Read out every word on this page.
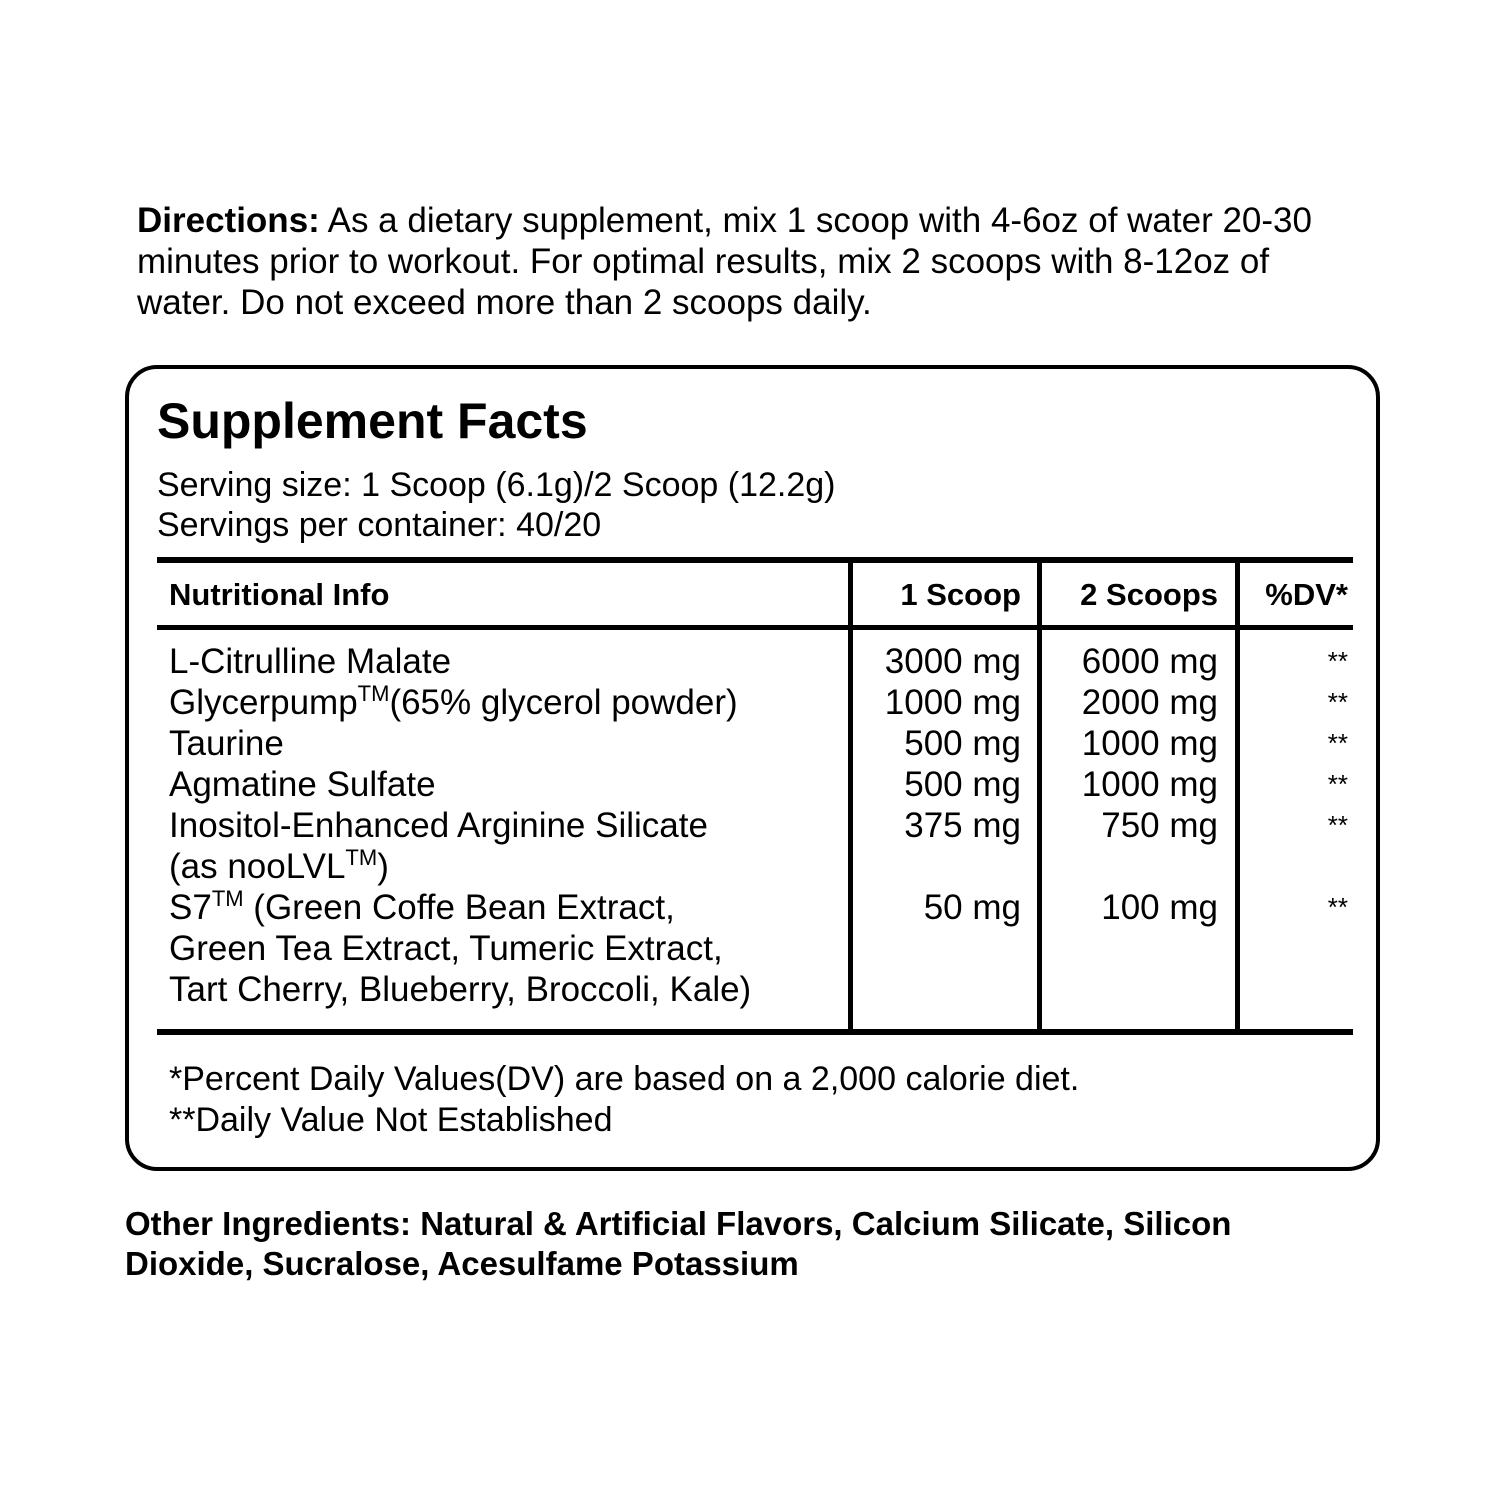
Directions: As a dietary supplement, mix 1 scoop with 4-6oz of water 20-30 minutes prior to workout. For optimal results, mix 2 scoops with 8-12oz of water. Do not exceed more than 2 scoops daily.

Supplement Facts

Serving size: 1 Scoop (6.1g)/2 Scoop (12.2g)
Servings per container: 40/20

Nutritional Info	1 Scoop 2 Scoops %DV*
L-Citrulline Malate	3000 mg 6000 mg	**
Glycerpump™(65% glycerol powder)	1000 mg 2000 mg	**
Taurine	500 mg 1000 mg	**
Agmatine Sulfate	500 mg 1000 mg	**
Inositol-Enhanced Arginine Silicate
(as nooLVL™)
375 mg 750 mg	**
S7™ (Green Coffe Bean Extract,
Green Tea Extract, Tumeric Extract,
Tart Cherry, Blueberry, Broccoli, Kale)
50 mg 100 mg	**

*Percent Daily Values(DV) are based on a 2,000 calorie diet.
**Daily Value Not Established

Other Ingredients: Natural & Artificial Flavors, Calcium Silicate, Silicon Dioxide, Sucralose, Acesulfame Potassium
